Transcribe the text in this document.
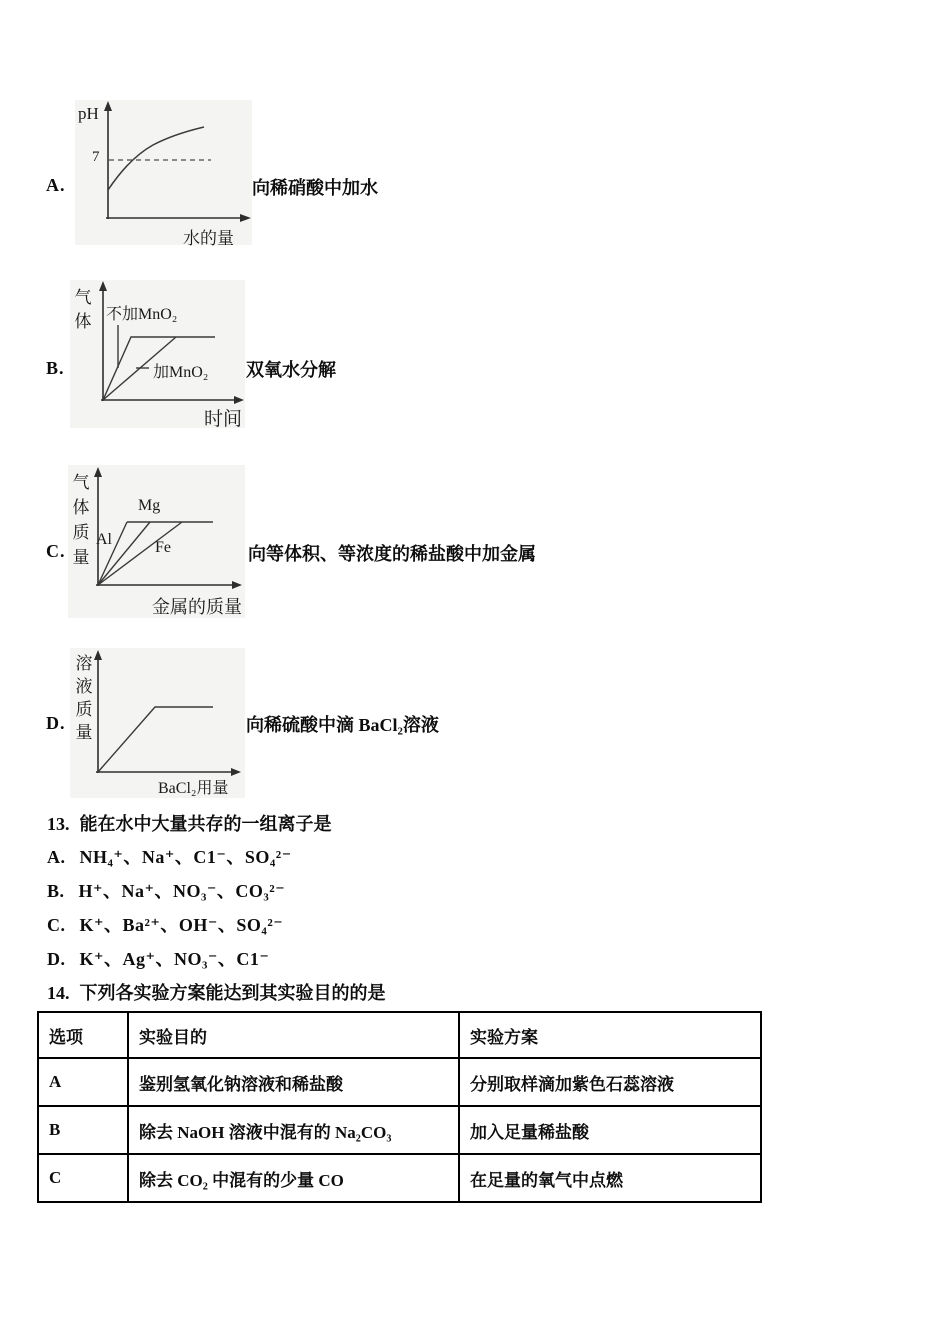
A.
pH
7
水的量
向稀硝酸中加水
B.
气体 不加MnO₂
加MnO₂
时间
双氧水分解
C.
气体质量
Mg
Al	Fe
金属的质量
向等体积、等浓度的稀盐酸中加金属
D.
溶液质量
BaCl₂用量
向稀硫酸中滴 BaCl₂溶液
13. 能在水中大量共存的一组离子是
A. NH₄⁺、Na⁺、C1⁻、SO₄²⁻
B. H⁺、Na⁺、NO₃⁻、CO₃²⁻
C. K⁺、Ba²⁺、OH⁻、SO₄²⁻
D. K⁺、Ag⁺、NO₃⁻、C1⁻
14. 下列各实验方案能达到其实验目的的是
选项	实验目的	实验方案
A	鉴别氢氧化钠溶液和稀盐酸	分别取样滴加紫色石蕊溶液
B	除去 NaOH 溶液中混有的 Na₂CO₃	加入足量稀盐酸
C	除去 CO₂ 中混有的少量 CO	在足量的氧气中点燃
